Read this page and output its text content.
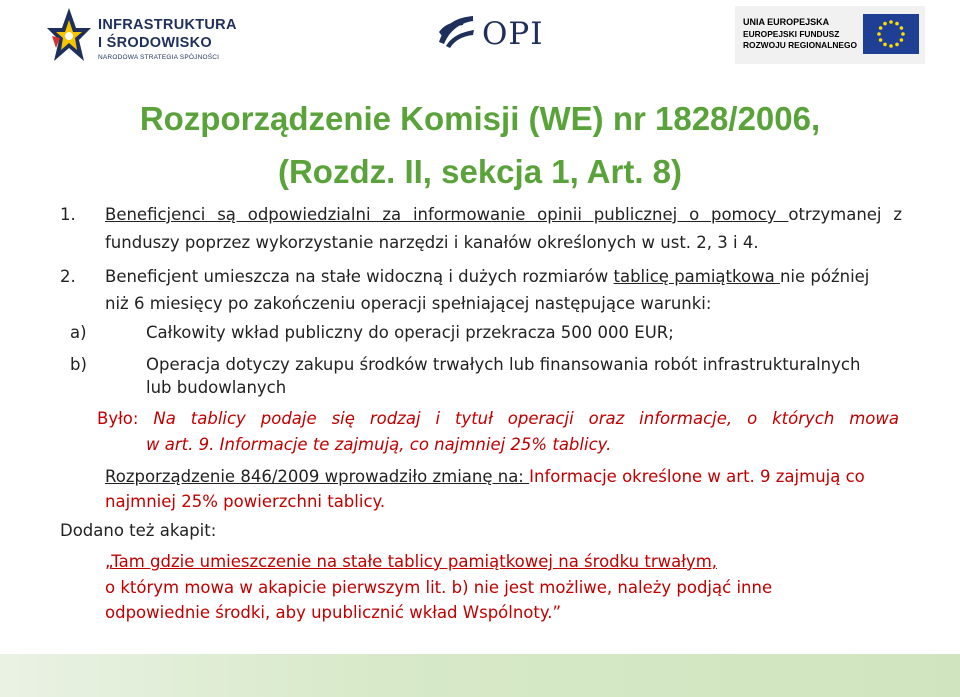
INFRASTRUKTURA
I ŚRODOWISKO
NARODOWA STRATEGIA SPÓJNOŚCI
OPI	UNIA EUROPEJSKA
EUROPEJSKI FUNDUSZ
ROZWOJU REGIONALNEGO
Rozporządzenie Komisji (WE) nr 1828/2006,
(Rozdz. II, sekcja 1, Art. 8)
1. Beneficjenci są odpowiedzialni za informowanie opinii publicznej o pomocy otrzymanej z
funduszy poprzez wykorzystanie narzędzi i kanałów określonych w ust. 2, 3 i 4.
2. Beneficjent umieszcza na stałe widoczną i dużych rozmiarów tablicę pamiątkowa nie później
niż 6 miesięcy po zakończeniu operacji spełniającej następujące warunki:
a)	Całkowity wkład publiczny do operacji przekracza 500 000 EUR;
b)	Operacja dotyczy zakupu środków trwałych lub finansowania robót infrastrukturalnych
lub budowlanych
Było: Na tablicy podaje się rodzaj i tytuł operacji oraz informacje, o których mowa
w art. 9. Informacje te zajmują, co najmniej 25% tablicy.
Rozporządzenie 846/2009 wprowadziło zmianę na: Informacje określone w art. 9 zajmują co
najmniej 25% powierzchni tablicy.
Dodano też akapit:
„Tam gdzie umieszczenie na stałe tablicy pamiątkowej na środku trwałym,
o którym mowa w akapicie pierwszym lit. b) nie jest możliwe, należy podjąć inne
odpowiednie środki, aby upublicznić wkład Wspólnoty.”
